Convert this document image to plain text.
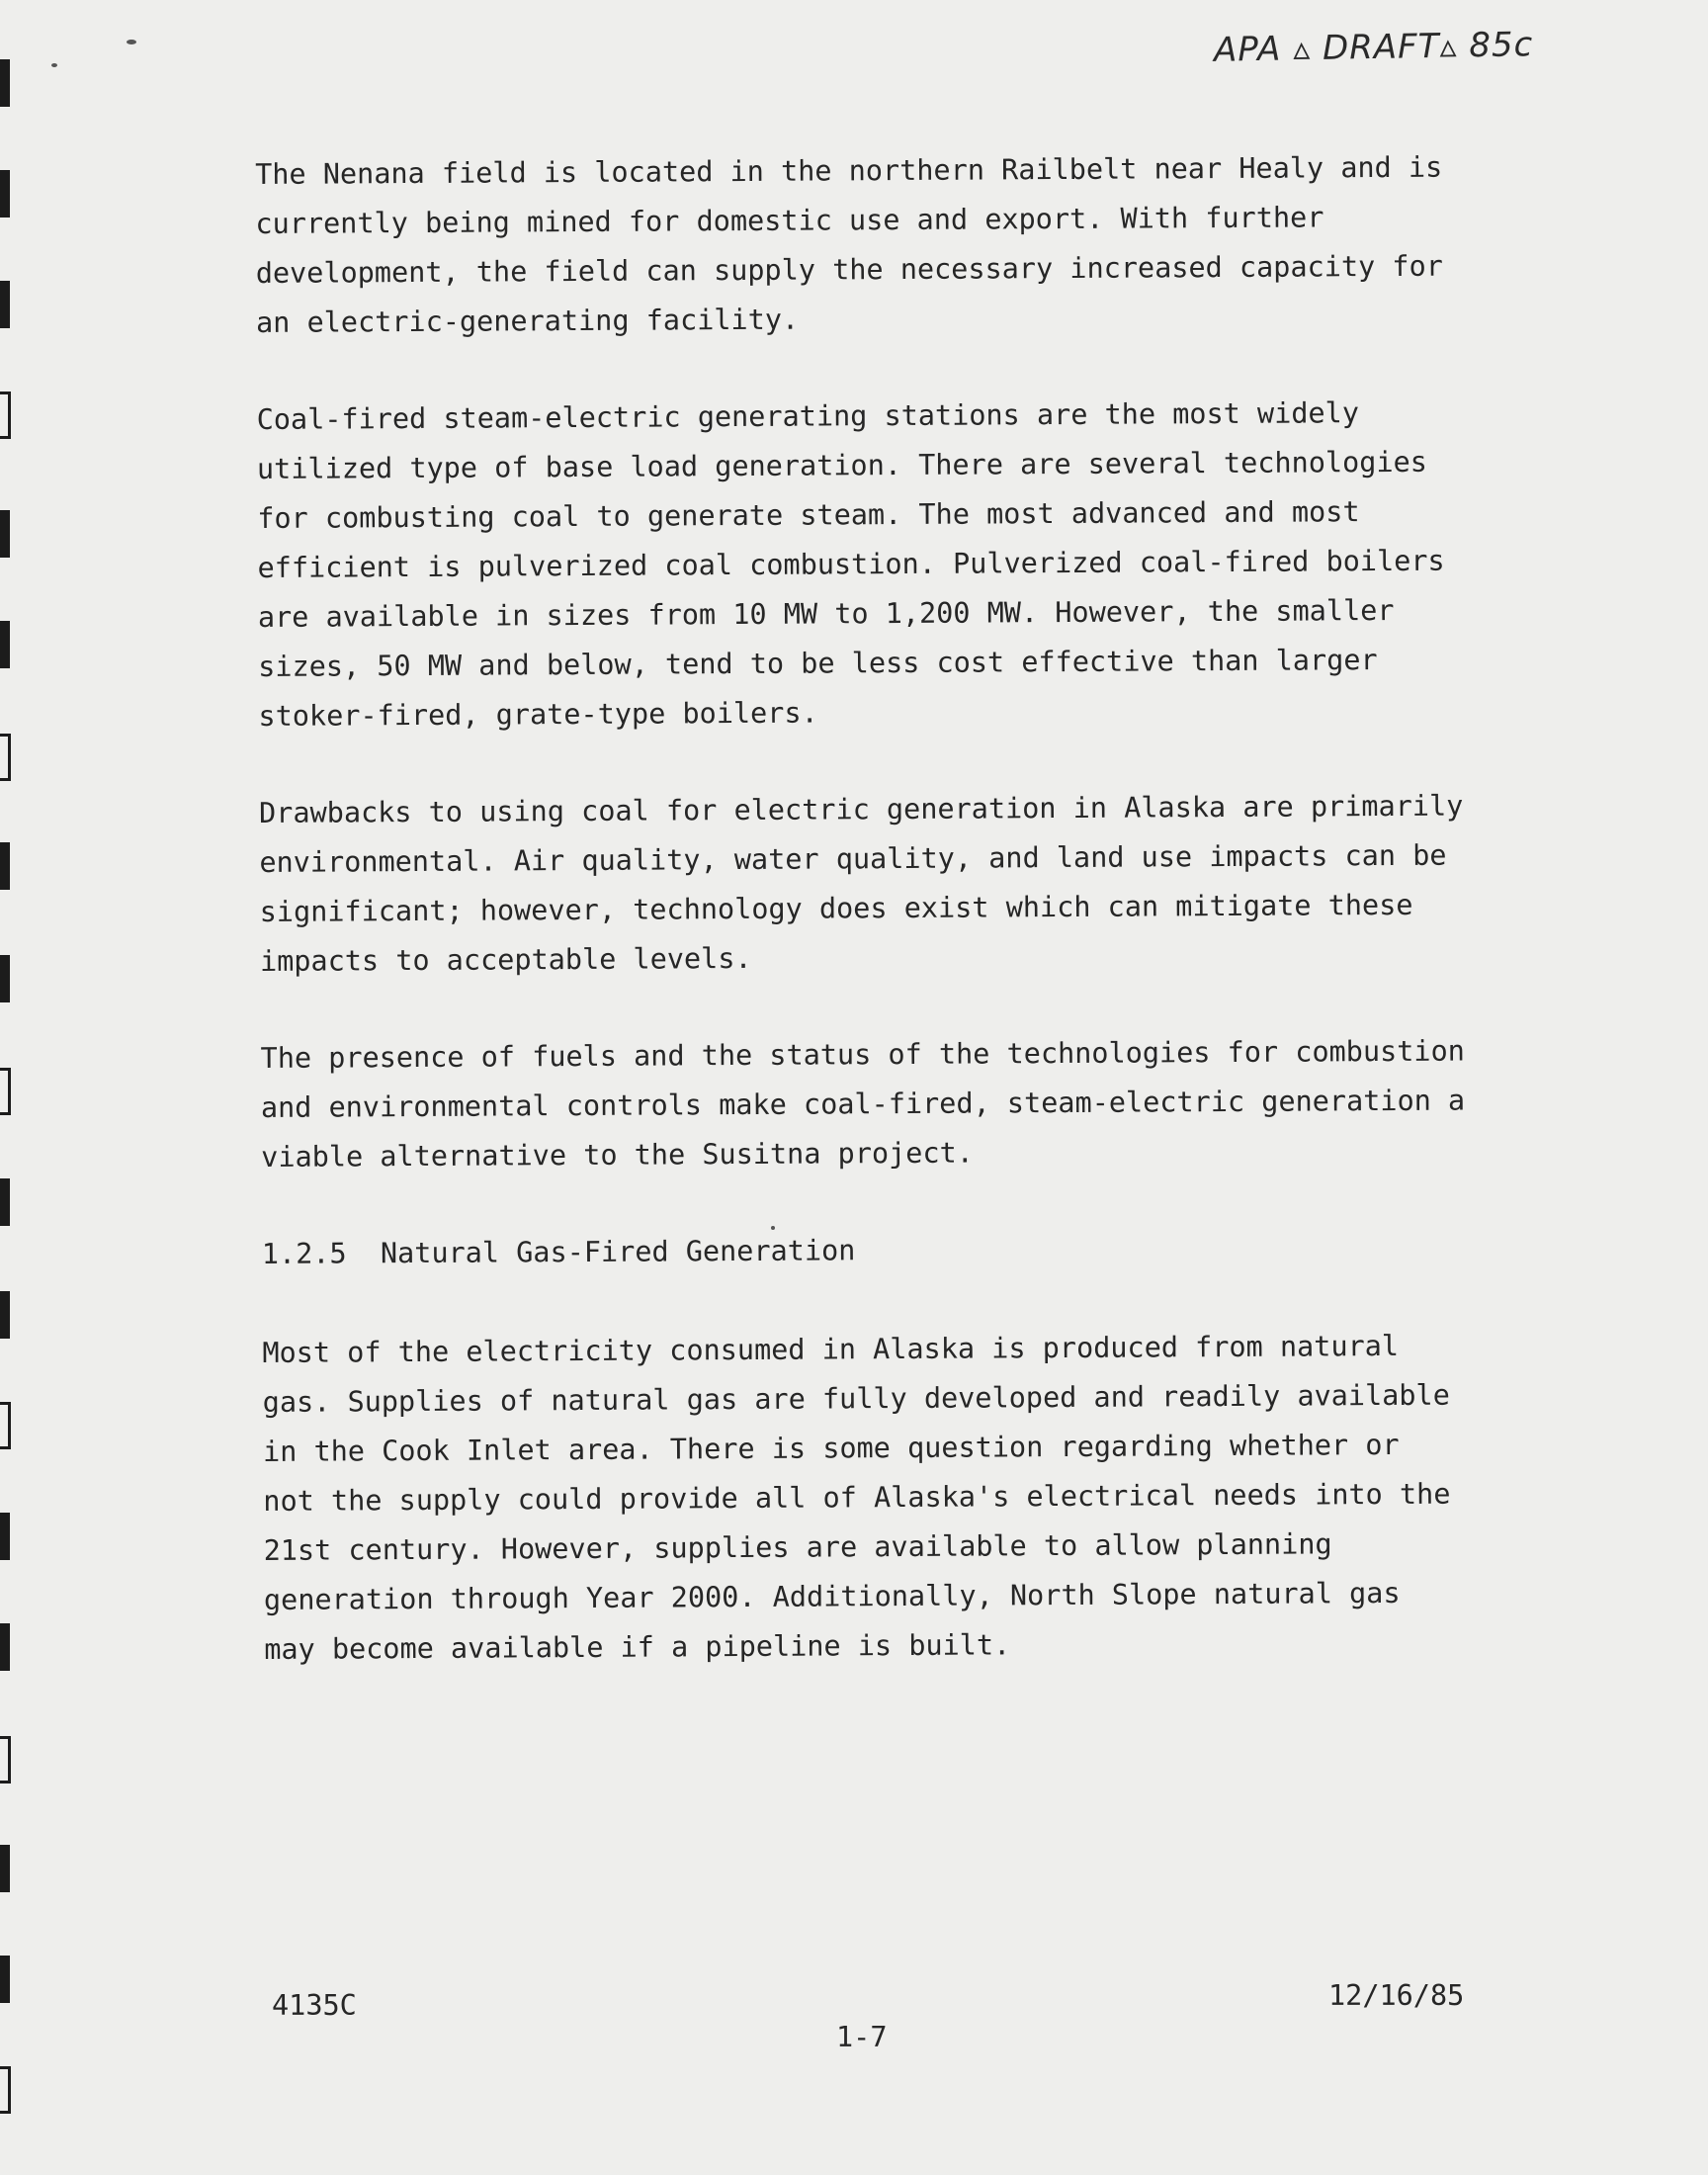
APA ▵ DRAFT▵ 85c

The Nenana field is located in the northern Railbelt near Healy and is
currently being mined for domestic use and export. With further
development, the field can supply the necessary increased capacity for
an electric-generating facility.

Coal-fired steam-electric generating stations are the most widely
utilized type of base load generation. There are several technologies
for combusting coal to generate steam. The most advanced and most
efficient is pulverized coal combustion. Pulverized coal-fired boilers
are available in sizes from 10 MW to 1,200 MW. However, the smaller
sizes, 50 MW and below, tend to be less cost effective than larger
stoker-fired, grate-type boilers.

Drawbacks to using coal for electric generation in Alaska are primarily
environmental. Air quality, water quality, and land use impacts can be
significant; however, technology does exist which can mitigate these
impacts to acceptable levels.

The presence of fuels and the status of the technologies for combustion
and environmental controls make coal-fired, steam-electric generation a
viable alternative to the Susitna project.

1.2.5  Natural Gas-Fired Generation

Most of the electricity consumed in Alaska is produced from natural
gas. Supplies of natural gas are fully developed and readily available
in the Cook Inlet area. There is some question regarding whether or
not the supply could provide all of Alaska's electrical needs into the
21st century. However, supplies are available to allow planning
generation through Year 2000. Additionally, North Slope natural gas
may become available if a pipeline is built.

4135C
1-7
12/16/85
